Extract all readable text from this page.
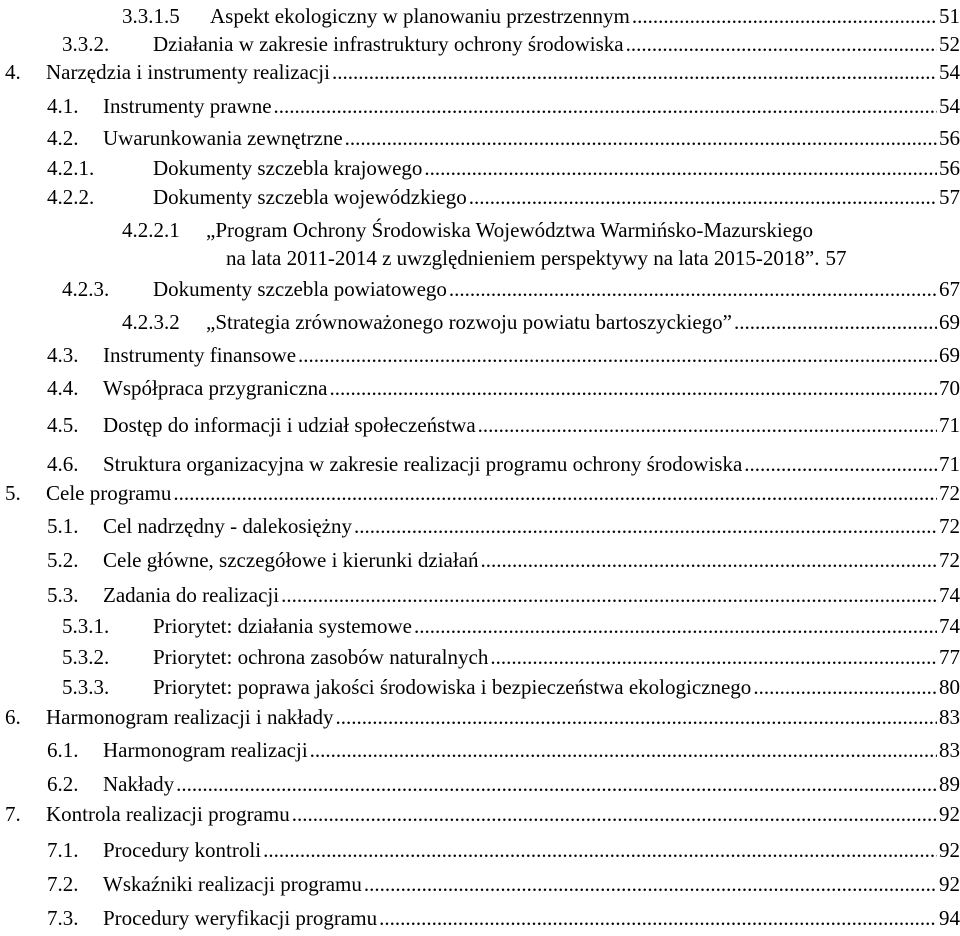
3.3.1.5 Aspekt ekologiczny w planowaniu przestrzennym .....	51
3.3.2. Działania w zakresie infrastruktury ochrony środowiska .....	52
4. Narzędzia i instrumenty realizacji .....	54
4.1. Instrumenty prawne .....	54
4.2. Uwarunkowania zewnętrzne .....	56
4.2.1.	Dokumenty szczebla krajowego .....	56
4.2.2.	Dokumenty szczebla wojewódzkiego .....	57
4.2.2.1 „Program Ochrony Środowiska Województwa Warmińsko-Mazurskiego
na lata 2011-2014 z uwzględnieniem perspektywy na lata 2015-2018” . 57
4.2.3. Dokumenty szczebla powiatowego .....	67
4.2.3.2 „Strategia zrównoważonego rozwoju powiatu bartoszyckiego” .....	69
4.3. Instrumenty finansowe .....	69
4.4. Współpraca przygraniczna .....	70
4.5. Dostęp do informacji i udział społeczeństwa .....	71
4.6. Struktura organizacyjna w zakresie realizacji programu ochrony środowiska .....	71
5. Cele programu .....	72
5.1. Cel nadrzędny - dalekosiężny .....	72
5.2. Cele główne, szczegółowe i kierunki działań .....	72
5.3. Zadania do realizacji .....	74
5.3.1. Priorytet: działania systemowe .....	74
5.3.2. Priorytet: ochrona zasobów naturalnych .....	77
5.3.3. Priorytet: poprawa jakości środowiska i bezpieczeństwa ekologicznego .....	80
6. Harmonogram realizacji i nakłady .....	83
6.1. Harmonogram realizacji .....	83
6.2. Nakłady .....	89
7. Kontrola realizacji programu .....	92
7.1. Procedury kontroli .....	92
7.2. Wskaźniki realizacji programu .....	92
7.3. Procedury weryfikacji programu .....	94
